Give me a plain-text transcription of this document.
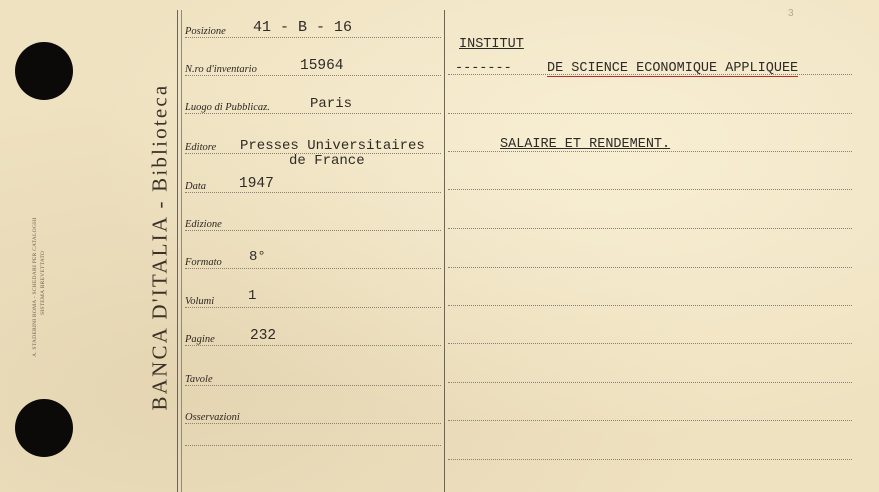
A. STADERINI ROMA - SCHEDARI PER CATALOGHI SISTEMA BREVETTATO	BANCA D'ITALIA - Biblioteca
3
Posizione 41 - B - 16
N.ro d'inventario	15964
Luogo di Pubblicaz.	Paris
Editore Presses Universitaires
de France
Data 1947
Edizione
Formato 8°
Volumi 1
Pagine 232
Tavole
Osservazioni
INSTITUT
-------	DE SCIENCE ECONOMIQUE APPLIQUEE
SALAIRE ET RENDEMENT.
